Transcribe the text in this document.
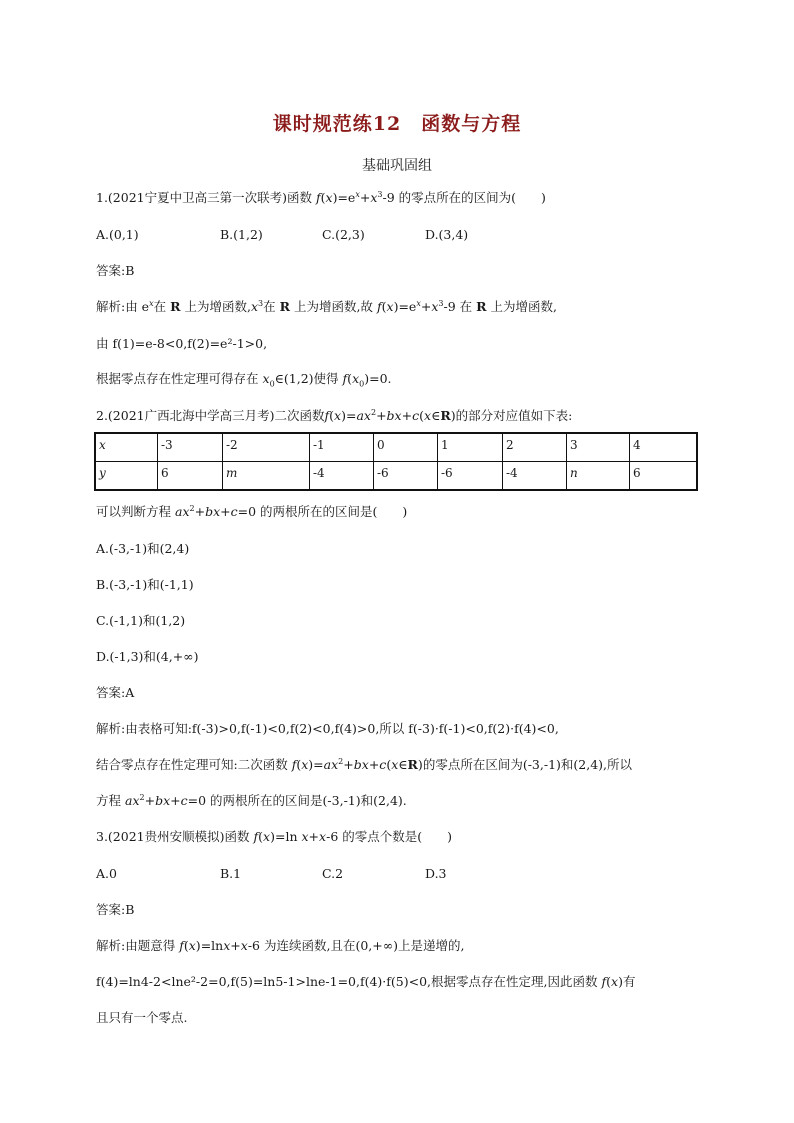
课时规范练12　函数与方程
基础巩固组
1.(2021宁夏中卫高三第一次联考)函数 $f(x)=e^x+x^3-9$ 的零点所在的区间为(　　)
A.(0,1)	B.(1,2)	C.(2,3)	D.(3,4)
答案:B
解析:由 $e^x$在 R 上为增函数$,x^3$在 R 上为增函数,故 $f(x)=e^x+x^3-9$ 在 R 上为增函数,
由 f(1)=e-8<0,f(2)=e²-1>0,
根据零点存在性定理可得存在 $x_0\in(1,2)$使得 $f(x_0)=0$.
2.(2021广西北海中学高三月考)二次函数$f(x)=ax^2+bx+c(x\in R)$的部分对应值如下表:
x	-3	-2	-1	0	1	2	3	4
y	6	m	-4	-6	-6	-4	n	6
可以判断方程 $ax^2+bx+c=0$ 的两根所在的区间是(　　)
A.(-3,-1)和(2,4)
B.(-3,-1)和(-1,1)
C.(-1,1)和(1,2)
D.(-1,3)和(4,+∞)
答案:A
解析:由表格可知:f(-3)>0,f(-1)<0,f(2)<0,f(4)>0,所以 f(-3)·f(-1)<0,f(2)·f(4)<0,
结合零点存在性定理可知:二次函数 $f(x)=ax^2+bx+c(x\in R)$的零点所在区间为(-3,-1)和(2,4),所以
方程 $ax^2+bx+c=0$ 的两根所在的区间是(-3,-1)和(2,4).
3.(2021贵州安顺模拟)函数 f(x)=ln x+x-6 的零点个数是(　　)
A.0	B.1	C.2	D.3
答案:B
解析:由题意得 f(x)=lnx+x-6 为连续函数,且在(0,+∞)上是递增的,
f(4)=ln4-2<lne²-2=0,f(5)=ln5-1>lne-1=0,f(4)·f(5)<0,根据零点存在性定理,因此函数 f(x)有
且只有一个零点.
